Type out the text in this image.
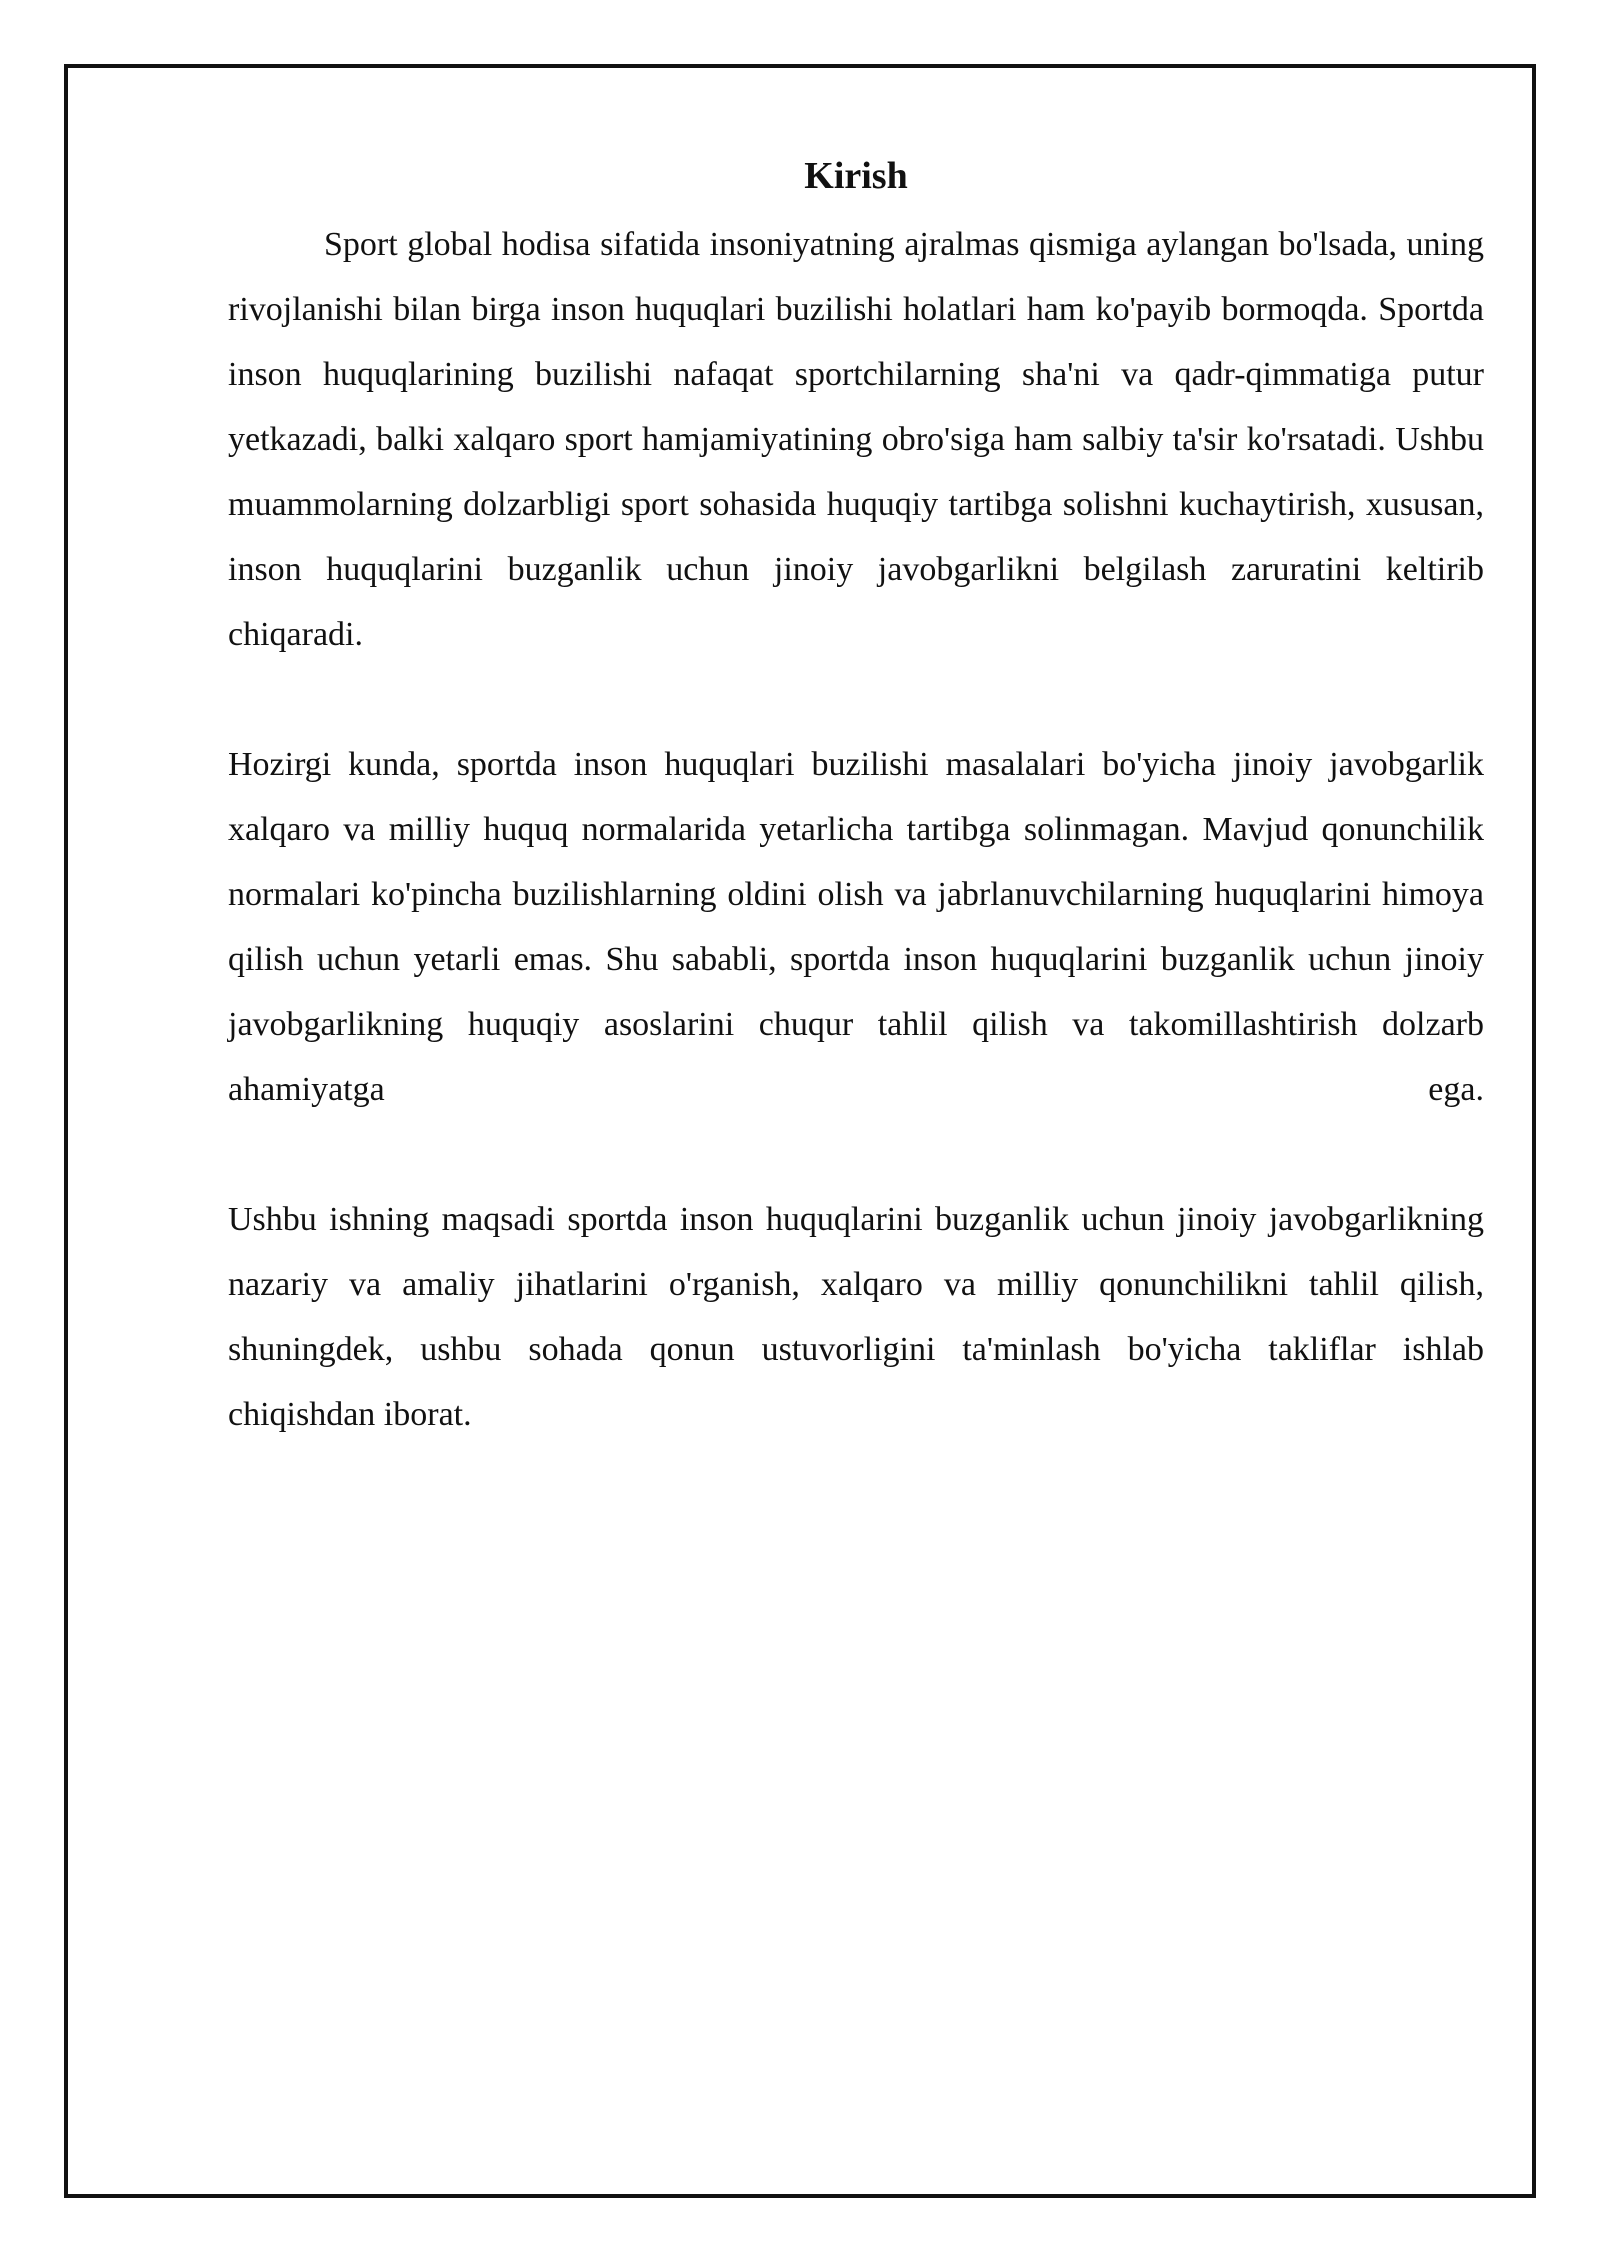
Kirish

Sport global hodisa sifatida insoniyatning ajralmas qismiga aylangan bo'lsada, uning rivojlanishi bilan birga inson huquqlari buzilishi holatlari ham ko'payib bormoqda. Sportda inson huquqlarining buzilishi nafaqat sportchilarning sha'ni va qadr-qimmatiga putur yetkazadi, balki xalqaro sport hamjamiyatining obro'siga ham salbiy ta'sir ko'rsatadi. Ushbu muammolarning dolzarbligi sport sohasida huquqiy tartibga solishni kuchaytirish, xususan, inson huquqlarini buzganlik uchun jinoiy javobgarlikni belgilash zaruratini keltirib chiqaradi.

Hozirgi kunda, sportda inson huquqlari buzilishi masalalari bo'yicha jinoiy javobgarlik xalqaro va milliy huquq normalarida yetarlicha tartibga solinmagan. Mavjud qonunchilik normalari ko'pincha buzilishlarning oldini olish va jabrlanuvchilarning huquqlarini himoya qilish uchun yetarli emas. Shu sababli, sportda inson huquqlarini buzganlik uchun jinoiy javobgarlikning huquqiy asoslarini chuqur tahlil qilish va takomillashtirish dolzarb ahamiyatga ega.

Ushbu ishning maqsadi sportda inson huquqlarini buzganlik uchun jinoiy javobgarlikning nazariy va amaliy jihatlarini o'rganish, xalqaro va milliy qonunchilikni tahlil qilish, shuningdek, ushbu sohada qonun ustuvorligini ta'minlash bo'yicha takliflar ishlab chiqishdan iborat.
